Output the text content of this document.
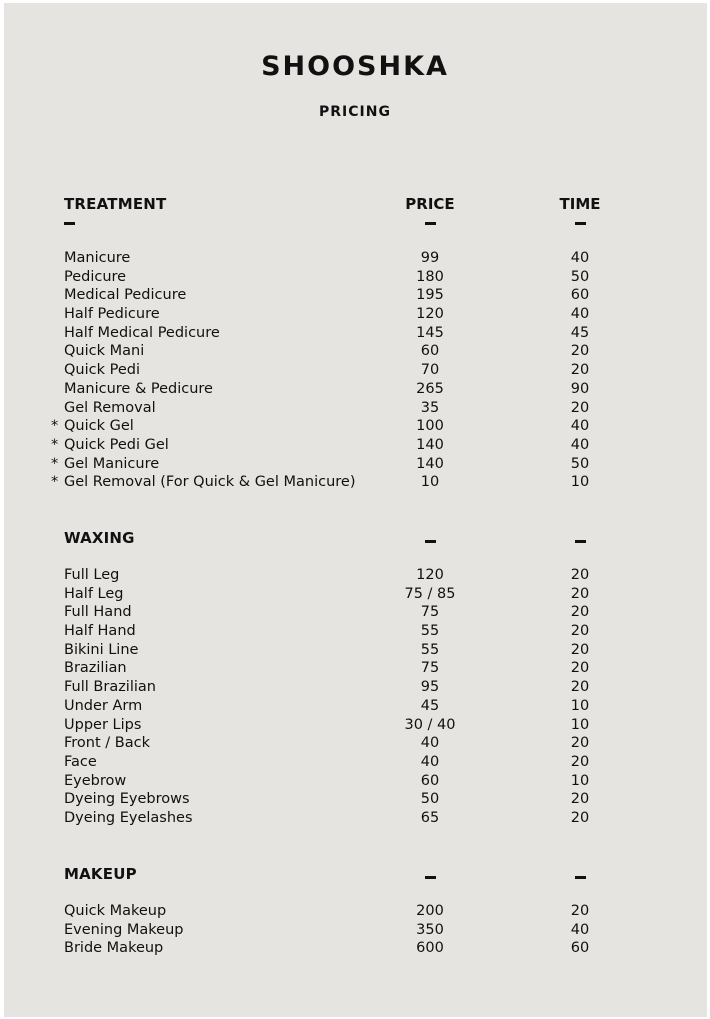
SHOOSHKA
PRICING
TREATMENT	PRICE	TIME
Manicure	99	40
Pedicure	180	50
Medical Pedicure	195	60
Half Pedicure	120	40
Half Medical Pedicure	145	45
Quick Mani	60	20
Quick Pedi	70	20
Manicure & Pedicure	265	90
Gel Removal	35	20
* Quick Gel	100	40
* Quick Pedi Gel	140	40
* Gel Manicure	140	50
* Gel Removal (For Quick & Gel Manicure)	10	10
WAXING
Full Leg	120	20
Half Leg	75 / 85	20
Full Hand	75	20
Half Hand	55	20
Bikini Line	55	20
Brazilian	75	20
Full Brazilian	95	20
Under Arm	45	10
Upper Lips	30 / 40	10
Front / Back	40	20
Face	40	20
Eyebrow	60	10
Dyeing Eyebrows	50	20
Dyeing Eyelashes	65	20
MAKEUP
Quick Makeup	200	20
Evening Makeup	350	40
Bride Makeup	600	60
